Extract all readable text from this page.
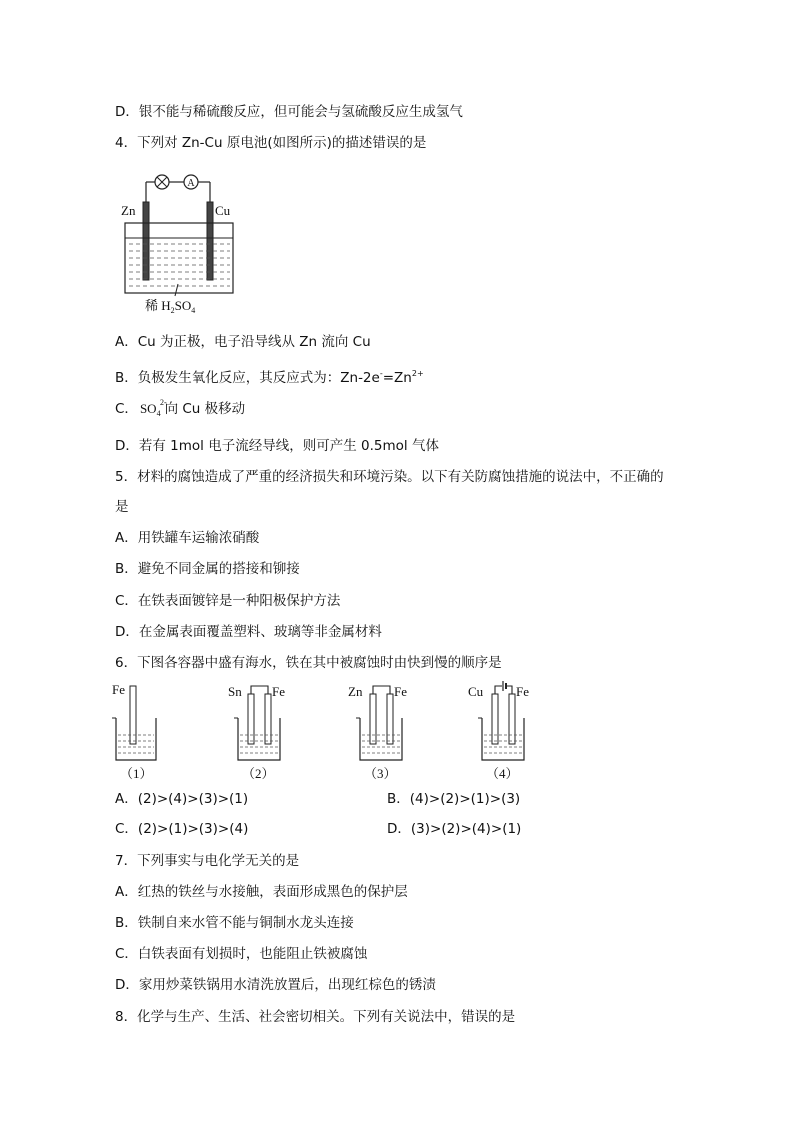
D．银不能与稀硫酸反应，但可能会与氢硫酸反应生成氢气
4．下列对 Zn-Cu 原电池(如图所示)的描述错误的是
A
Zn	Cu
稀 $H_2SO_4$
A．Cu 为正极，电子沿导线从 Zn 流向 Cu
B．负极发生氧化反应，其反应式为：$Zn-2e^-=Zn^{2+}$
C． $SO_4$
2-
向 Cu 极移动
D．若有 1mol 电子流经导线，则可产生 0.5mol 气体
5．材料的腐蚀造成了严重的经济损失和环境污染。以下有关防腐蚀措施的说法中，不正确的
是
A．用铁罐车运输浓硝酸
B．避免不同金属的搭接和铆接
C．在铁表面镀锌是一种阳极保护方法
D．在金属表面覆盖塑料、玻璃等非金属材料
6．下图各容器中盛有海水，铁在其中被腐蚀时由快到慢的顺序是
Fe
（1）
Sn Fe
（2）
Zn Fe
（3）
Cu	Fe
（4）
A．(2)>(4)>(3)>(1)	B．(4)>(2)>(1)>(3)
C．(2)>(1)>(3)>(4)	D．(3)>(2)>(4)>(1)
7．下列事实与电化学无关的是
A．红热的铁丝与水接触，表面形成黑色的保护层
B．铁制自来水管不能与铜制水龙头连接
C．白铁表面有划损时，也能阻止铁被腐蚀
D．家用炒菜铁锅用水清洗放置后，出现红棕色的锈渍
8．化学与生产、生活、社会密切相关。下列有关说法中，错误的是
